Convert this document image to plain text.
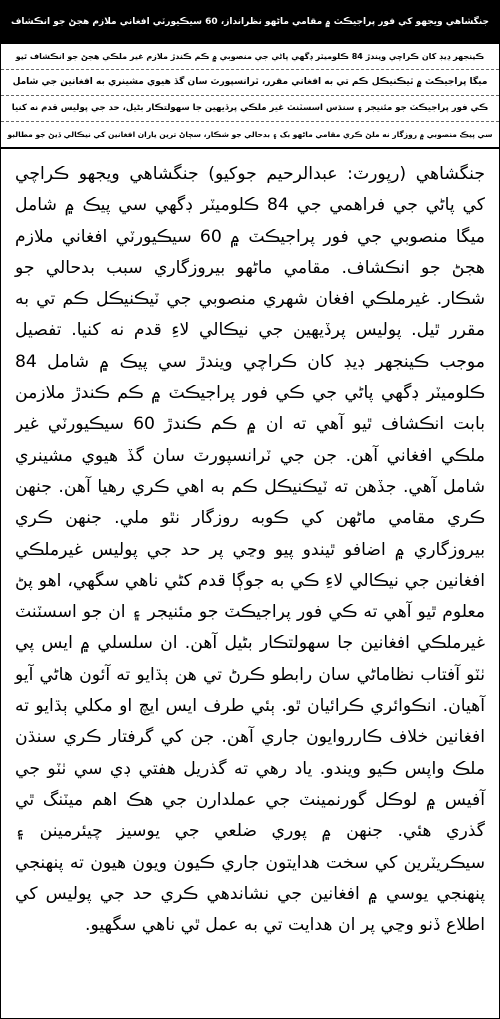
جنگشاهي ويجهو کي فور پراجيڪٽ ۾ مقامي ماڻهو نظرانداز، 60 سيڪيورٽي افغاني ملازم هجڻ جو انڪشاف
ڪينجهر ڊيڊ کان ڪراچي ويندڙ 84 ڪلوميٽر ڊگهي پاڻي جي منصوبي ۾ ڪم ڪندڙ ملازم غير ملڪي هجڻ جو انڪشاف ٿيو
ميگا پراجيڪٽ ۾ ٽيڪنيڪل ڪم تي به افغاني مقرر، ٽرانسپورٽ سان گڏ هيوي مشينري به افغانين جي شامل
ڪي فور پراجيڪٽ جو مئنيجر ۽ سنڌس اسسٽنٽ غير ملڪي پرڏيهين جا سهولتڪار بڻيل، حد جي پوليس قدم نه کنيا
سي پيڪ منصوبي ۾ روزگار نه ملڻ ڪري مقامي ماڻهو بک ۽ بدحالي جو شڪار، سڄاڻ ترين ياران افغانين کي نيڪالي ڏيڻ جو مطالبو

جنگشاهي (رپورٽ: عبدالرحيم جوکيو) جنگشاهي ويجهو ڪراچي کي پاڻي جي فراهمي جي 84 ڪلوميٽر ڊگهي سي پيڪ ۾ شامل ميگا منصوبي جي فور پراجيڪٽ ۾ 60 سيڪيورٽي افغاني ملازم هجڻ جو انڪشاف. مقامي ماڻهو بيروزگاري سبب بدحالي جو شڪار. غيرملڪي افغان شهري منصوبي جي ٽيڪنيڪل ڪم تي به مقرر ٿيل. پوليس پرڏيهين جي نيڪالي لاءِ قدم نه کنيا. تفصيل موجب ڪينجهر ڊيڊ کان ڪراچي ويندڙ سي پيڪ ۾ شامل 84 ڪلوميٽر ڊگهي پاڻي جي ڪي فور پراجيڪٽ ۾ ڪم ڪندڙ ملازمن بابت انڪشاف ٿيو آهي ته ان ۾ ڪم ڪندڙ 60 سيڪيورٽي غير ملڪي افغاني آهن. جن جي ٽرانسپورٽ سان گڏ هيوي مشينري شامل آهي. جڏهن ته ٽيڪنيڪل ڪم به اهي ڪري رهيا آهن. جنهن ڪري مقامي ماڻهن کي ڪوبه روزگار نٿو ملي. جنهن ڪري بيروزگاري ۾ اضافو ٿيندو پيو وڃي پر حد جي پوليس غيرملڪي افغانين جي نيڪالي لاءِ ڪي به جوڳا قدم کڻي ناهي سگهي، اهو پڻ معلوم ٿيو آهي ته ڪي فور پراجيڪٽ جو مئنيجر ۽ ان جو اسسٽنٽ غيرملڪي افغانين جا سهولتڪار بڻيل آهن. ان سلسلي ۾ ايس پي ٺٽو آفتاب نظاماڻي سان رابطو ڪرڻ تي هن ٻڌايو ته آئون هاڻي آيو آهيان. انڪوائري ڪرائيان ٿو. ٻئي طرف ايس ايچ او مکلي ٻڌايو ته افغانين خلاف ڪارروايون جاري آهن. جن کي گرفتار ڪري سنڌن ملڪ واپس ڪيو ويندو. ياد رهي ته گذريل هفتي ڊي سي ٺٽو جي آفيس ۾ لوڪل گورنمينٽ جي عملدارن جي هڪ اهم ميٽنگ ٿي گذري هئي. جنهن ۾ پوري ضلعي جي يوسيز چيئرمينن ۽ سيڪريٽرين کي سخت هدايتون جاري ڪيون ويون هيون ته پنهنجي پنهنجي يوسي ۾ افغانين جي نشاندهي ڪري حد جي پوليس کي اطلاع ڏنو وڃي پر ان هدايت تي به عمل ٿي ناهي سگهيو.
